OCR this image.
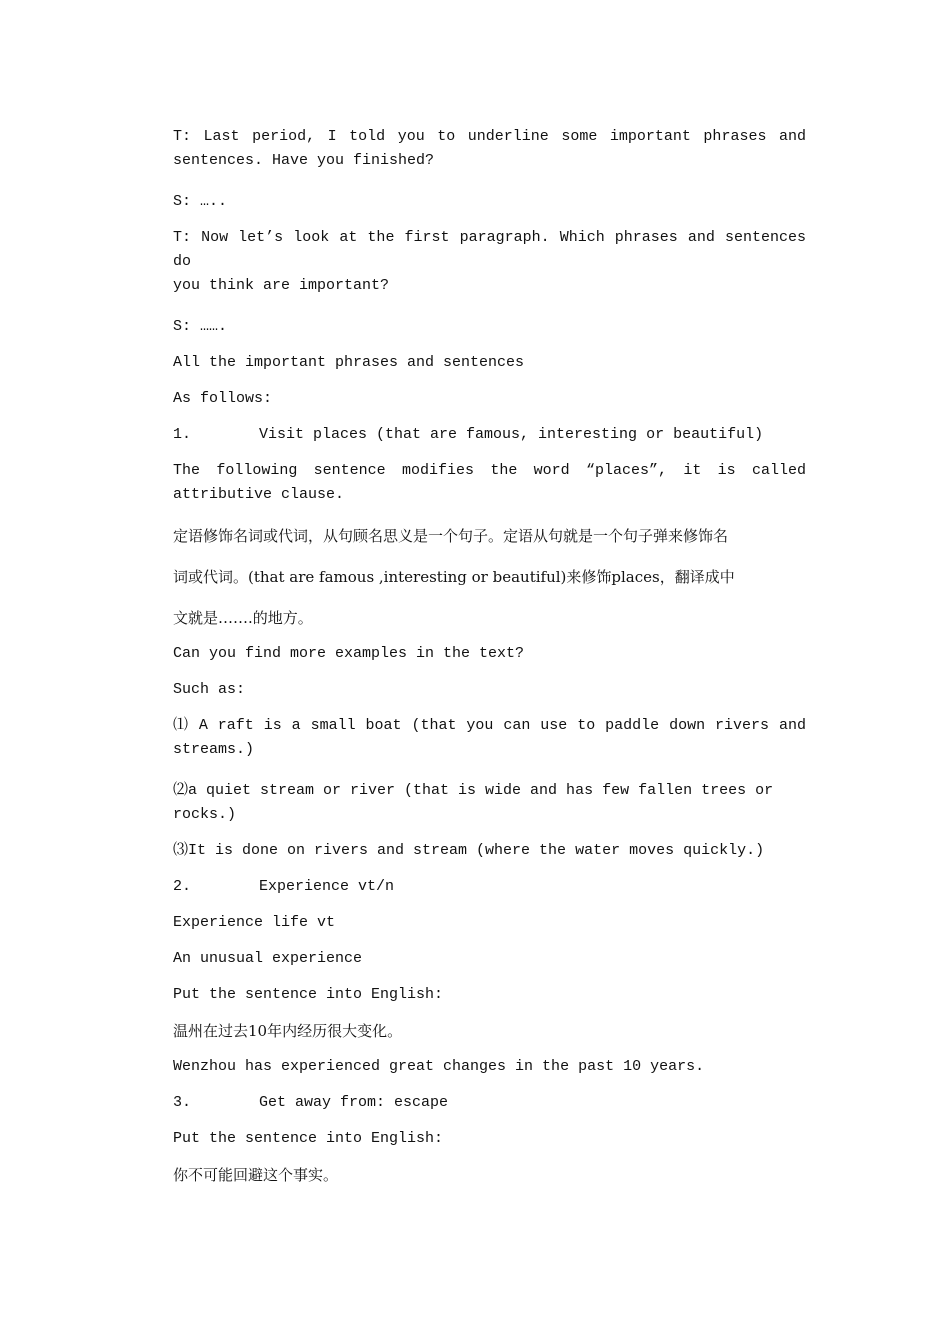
T: Last period, I told you to underline some important phrases and
sentences. Have you finished?
S: …..
T: Now let’s look at the first paragraph. Which phrases and sentences do
you think are important?
S: …….
All the important phrases and sentences
As follows:
1.	Visit places (that are famous, interesting or beautiful)
The following sentence modifies the word “places”, it is called
attributive clause.
定语修饰名词或代词，从句顾名思义是一个句子。定语从句就是一个句子弹来修饰名
词或代词。(that are famous ,interesting or beautiful)来修饰places，翻译成中
文就是…….的地方。
Can you find more examples in the text?
Such as:
⑴ A raft is a small boat (that you can use to paddle down rivers and
streams.)
⑵a quiet stream or river (that is wide and has few fallen trees or rocks.)
⑶It is done on rivers and stream (where the water moves quickly.)
2.	Experience vt/n
Experience life vt
An unusual experience
Put the sentence into English:
温州在过去10年内经历很大变化。
Wenzhou has experienced great changes in the past 10 years.
3.	Get away from: escape
Put the sentence into English:
你不可能回避这个事实。
